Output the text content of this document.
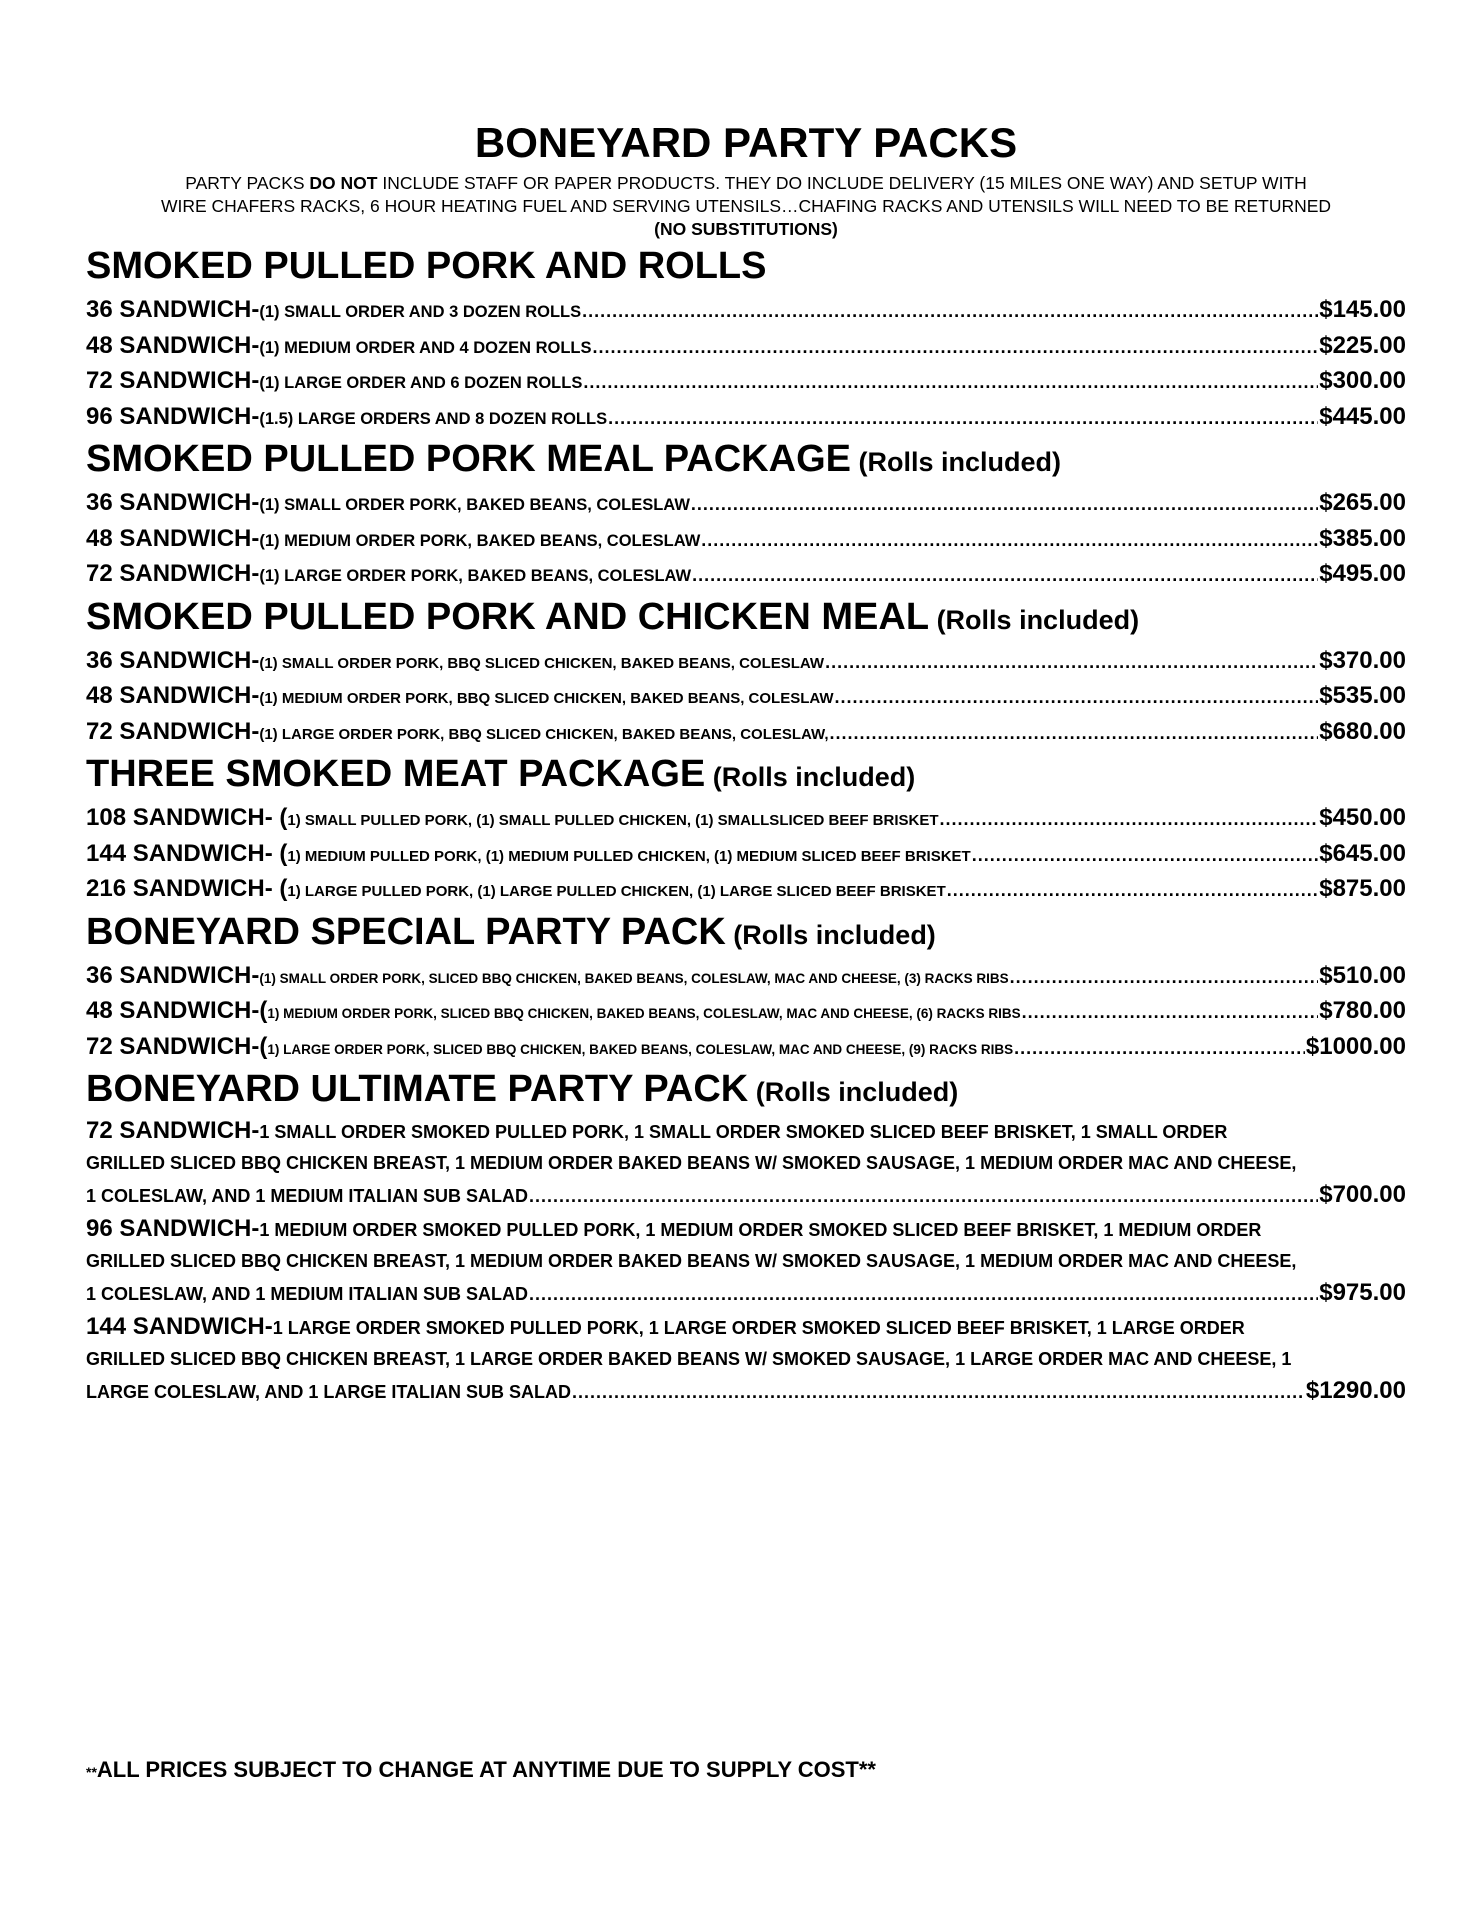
BONEYARD PARTY PACKS

PARTY PACKS DO NOT INCLUDE STAFF OR PAPER PRODUCTS. THEY DO INCLUDE DELIVERY (15 MILES ONE WAY) AND SETUP WITH

WIRE CHAFERS RACKS, 6 HOUR HEATING FUEL AND SERVING UTENSILS…CHAFING RACKS AND UTENSILS WILL NEED TO BE RETURNED

(NO SUBSTITUTIONS)

SMOKED PULLED PORK AND ROLLS
36 SANDWICH- (1) SMALL ORDER AND 3 DOZEN ROLLS .....	$145.00
48 SANDWICH- (1) MEDIUM ORDER AND 4 DOZEN ROLLS .....	$225.00
72 SANDWICH- (1) LARGE ORDER AND 6 DOZEN ROLLS .....	$300.00
96 SANDWICH- (1.5) LARGE ORDERS AND 8 DOZEN ROLLS .....	$445.00
SMOKED PULLED PORK MEAL PACKAGE (Rolls included)
36 SANDWICH- (1) SMALL ORDER PORK, BAKED BEANS, COLESLAW .....	$265.00
48 SANDWICH- (1) MEDIUM ORDER PORK, BAKED BEANS, COLESLAW .....	$385.00
72 SANDWICH- (1) LARGE ORDER PORK, BAKED BEANS, COLESLAW .....	$495.00
SMOKED PULLED PORK AND CHICKEN MEAL (Rolls included)
36 SANDWICH- (1) SMALL ORDER PORK, BBQ SLICED CHICKEN, BAKED BEANS, COLESLAW .....	$370.00
48 SANDWICH- (1) MEDIUM ORDER PORK, BBQ SLICED CHICKEN, BAKED BEANS, COLESLAW .....	$535.00
72 SANDWICH- (1) LARGE ORDER PORK, BBQ SLICED CHICKEN, BAKED BEANS, COLESLAW, .....	$680.00
THREE SMOKED MEAT PACKAGE (Rolls included)
108 SANDWICH- ( 1) SMALL PULLED PORK, (1) SMALL PULLED CHICKEN, (1) SMALLSLICED BEEF BRISKET .....	$450.00
144 SANDWICH- ( 1) MEDIUM PULLED PORK, (1) MEDIUM PULLED CHICKEN, (1) MEDIUM SLICED BEEF BRISKET .....	$645.00
216 SANDWICH- ( 1) LARGE PULLED PORK, (1) LARGE PULLED CHICKEN, (1) LARGE SLICED BEEF BRISKET .....	$875.00
BONEYARD SPECIAL PARTY PACK (Rolls included)
36 SANDWICH- (1) SMALL ORDER PORK, SLICED BBQ CHICKEN, BAKED BEANS, COLESLAW, MAC AND CHEESE, (3) RACKS RIBS .....	$510.00
48 SANDWICH-( 1) MEDIUM ORDER PORK, SLICED BBQ CHICKEN, BAKED BEANS, COLESLAW, MAC AND CHEESE, (6) RACKS RIBS .....	$780.00
72 SANDWICH-( 1) LARGE ORDER PORK, SLICED BBQ CHICKEN, BAKED BEANS, COLESLAW, MAC AND CHEESE, (9) RACKS RIBS .....	$1000.00
BONEYARD ULTIMATE PARTY PACK (Rolls included)
72 SANDWICH- 1 SMALL ORDER SMOKED PULLED PORK, 1 SMALL ORDER SMOKED SLICED BEEF BRISKET, 1 SMALL ORDER
GRILLED SLICED BBQ CHICKEN BREAST, 1 MEDIUM ORDER BAKED BEANS W/ SMOKED SAUSAGE, 1 MEDIUM ORDER MAC AND CHEESE,
1 COLESLAW, AND 1 MEDIUM ITALIAN SUB SALAD .....	$700.00
96 SANDWICH- 1 MEDIUM ORDER SMOKED PULLED PORK, 1 MEDIUM ORDER SMOKED SLICED BEEF BRISKET, 1 MEDIUM ORDER
GRILLED SLICED BBQ CHICKEN BREAST, 1 MEDIUM ORDER BAKED BEANS W/ SMOKED SAUSAGE, 1 MEDIUM ORDER MAC AND CHEESE,
1 COLESLAW, AND 1 MEDIUM ITALIAN SUB SALAD .....	$975.00
144 SANDWICH- 1 LARGE ORDER SMOKED PULLED PORK, 1 LARGE ORDER SMOKED SLICED BEEF BRISKET, 1 LARGE ORDER
GRILLED SLICED BBQ CHICKEN BREAST, 1 LARGE ORDER BAKED BEANS W/ SMOKED SAUSAGE, 1 LARGE ORDER MAC AND CHEESE, 1
LARGE COLESLAW, AND 1 LARGE ITALIAN SUB SALAD .....	$1290.00
**ALL PRICES SUBJECT TO CHANGE AT ANYTIME DUE TO SUPPLY COST**
